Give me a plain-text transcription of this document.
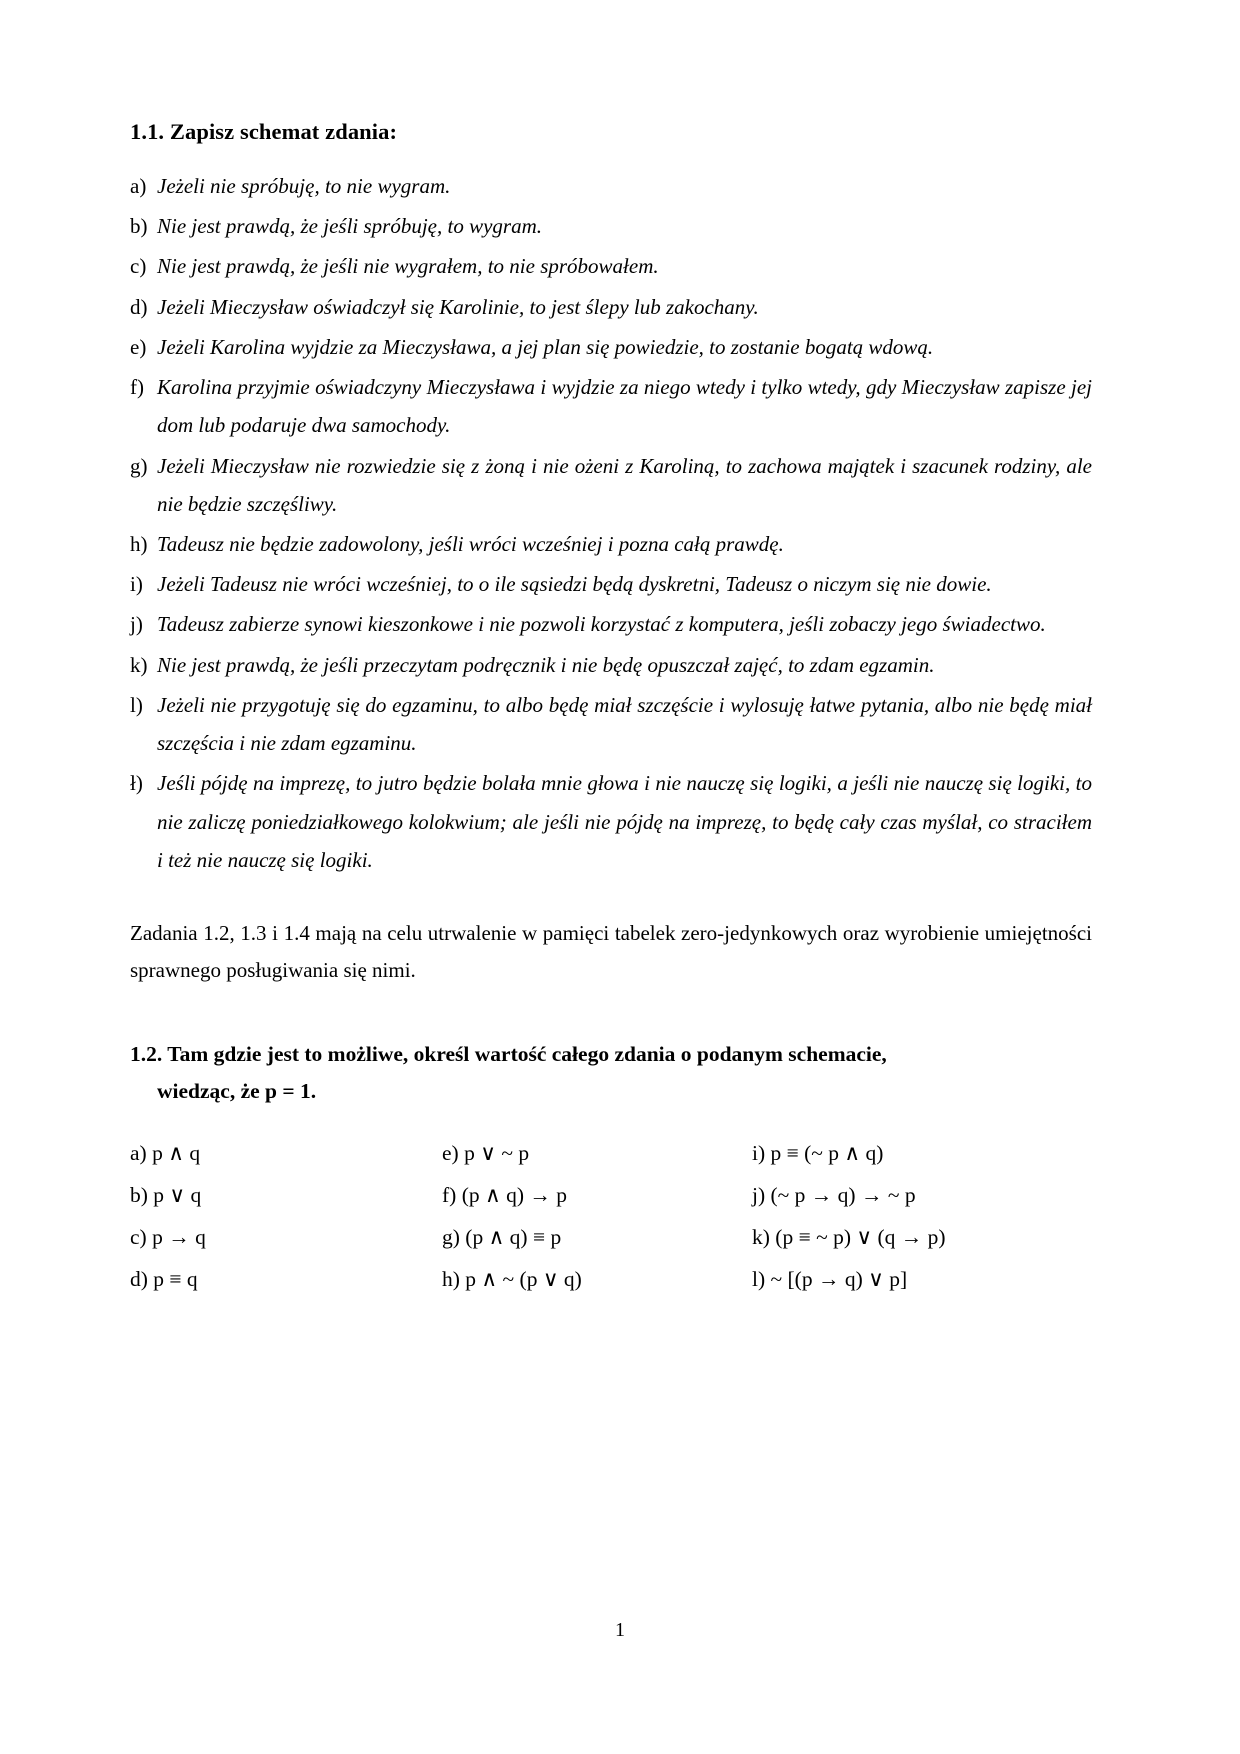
1.1. Zapisz schemat zdania:
a) Jeżeli nie spróbuję, to nie wygram.
b) Nie jest prawdą, że jeśli spróbuję, to wygram.
c) Nie jest prawdą, że jeśli nie wygrałem, to nie spróbowałem.
d) Jeżeli Mieczysław oświadczył się Karolinie, to jest ślepy lub zakochany.
e) Jeżeli Karolina wyjdzie za Mieczysława, a jej plan się powiedzie, to zostanie bogatą wdową.
f) Karolina przyjmie oświadczyny Mieczysława i wyjdzie za niego wtedy i tylko wtedy, gdy Mieczysław zapisze jej dom lub podaruje dwa samochody.
g) Jeżeli Mieczysław nie rozwiedzie się z żoną i nie ożeni z Karoliną, to zachowa majątek i szacunek rodziny, ale nie będzie szczęśliwy.
h) Tadeusz nie będzie zadowolony, jeśli wróci wcześniej i pozna całą prawdę.
i) Jeżeli Tadeusz nie wróci wcześniej, to o ile sąsiedzi będą dyskretni, Tadeusz o niczym się nie dowie.
j) Tadeusz zabierze synowi kieszonkowe i nie pozwoli korzystać z komputera, jeśli zobaczy jego świadectwo.
k) Nie jest prawdą, że jeśli przeczytam podręcznik i nie będę opuszczał zajęć, to zdam egzamin.
l) Jeżeli nie przygotuję się do egzaminu, to albo będę miał szczęście i wylosuję łatwe pytania, albo nie będę miał szczęścia i nie zdam egzaminu.
ł) Jeśli pójdę na imprezę, to jutro będzie bolała mnie głowa i nie nauczę się logiki, a jeśli nie nauczę się logiki, to nie zaliczę poniedziałkowego kolokwium; ale jeśli nie pójdę na imprezę, to będę cały czas myślał, co straciłem i też nie nauczę się logiki.

Zadania 1.2, 1.3 i 1.4 mają na celu utrwalenie w pamięci tabelek zero-jedynkowych oraz wyrobienie umiejętności sprawnego posługiwania się nimi.

1.2. Tam gdzie jest to możliwe, określ wartość całego zdania o podanym schemacie,
wiedząc, że p = 1.
a) p ∧ q
b) p ∨ q
c) p → q
d) p ≡ q
e) p ∨ ~ p
f) (p ∧ q) → p
g) (p ∧ q) ≡ p
h) p ∧ ~ (p ∨ q)
i) p ≡ (~ p ∧ q)
j) (~ p → q) → ~ p
k) (p ≡ ~ p) ∨ (q → p)
l) ~ [(p → q) ∨ p]
1
